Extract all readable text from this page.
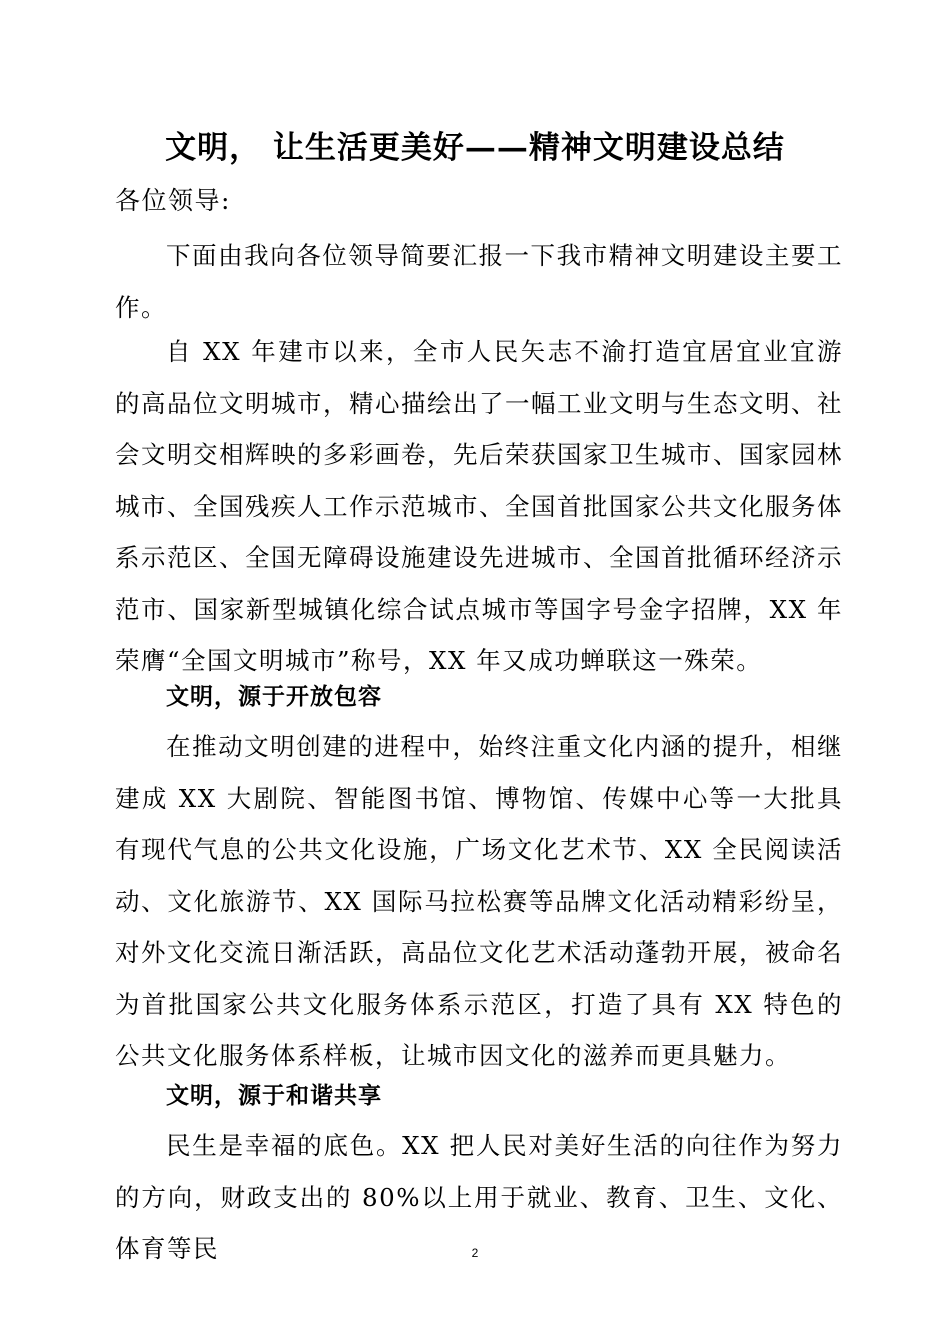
文明， 让生活更美好——精神文明建设总结
各位领导:
下面由我向各位领导简要汇报一下我市精神文明建设主要工作。
自 XX 年建市以来，全市人民矢志不渝打造宜居宜业宜游的高品位文明城市，精心描绘出了一幅工业文明与生态文明、社会文明交相辉映的多彩画卷，先后荣获国家卫生城市、国家园林城市、全国残疾人工作示范城市、全国首批国家公共文化服务体系示范区、全国无障碍设施建设先进城市、全国首批循环经济示范市、国家新型城镇化综合试点城市等国字号金字招牌，XX 年荣膺“全国文明城市”称号，XX 年又成功蝉联这一殊荣。
文明，源于开放包容
在推动文明创建的进程中，始终注重文化内涵的提升，相继建成 XX 大剧院、智能图书馆、博物馆、传媒中心等一大批具有现代气息的公共文化设施，广场文化艺术节、XX 全民阅读活动、文化旅游节、XX 国际马拉松赛等品牌文化活动精彩纷呈，对外文化交流日渐活跃，高品位文化艺术活动蓬勃开展，被命名为首批国家公共文化服务体系示范区，打造了具有 XX 特色的公共文化服务体系样板，让城市因文化的滋养而更具魅力。
文明，源于和谐共享
民生是幸福的底色。XX 把人民对美好生活的向往作为努力的方向，财政支出的 80%以上用于就业、教育、卫生、文化、体育等民	2
